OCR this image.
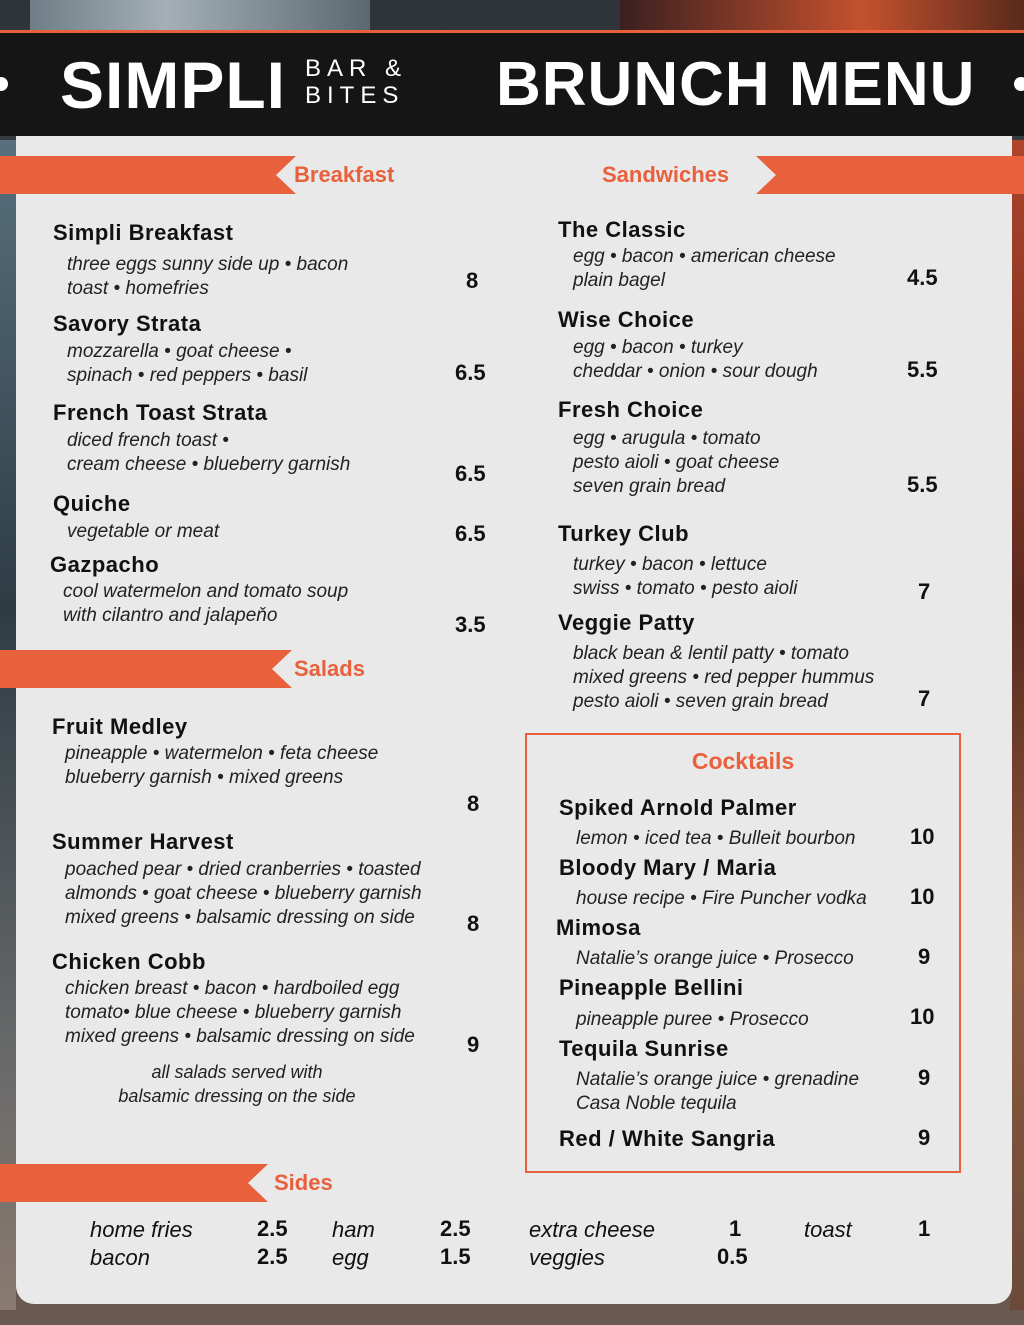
SIMPLI BAR &
BITES BRUNCH MENU
Breakfast	Sandwiches
Salads
Sides
Simpli Breakfast
three eggs sunny side up • bacon
toast • homefries	8
Savory Strata
mozzarella • goat cheese •
spinach • red peppers • basil	6.5
French Toast Strata
diced french toast •
cream cheese • blueberry garnish	6.5
Quiche
vegetable or meat	6.5
Gazpacho
cool watermelon and tomato soup
with cilantro and jalapeňo	3.5
Fruit Medley
pineapple • watermelon • feta cheese
blueberry garnish • mixed greens
8
Summer Harvest
poached pear • dried cranberries • toasted
almonds • goat cheese • blueberry garnish
mixed greens • balsamic dressing on side 8
Chicken Cobb
chicken breast • bacon • hardboiled egg
tomato• blue cheese • blueberry garnish
mixed greens • balsamic dressing on side 9
all salads served with
balsamic dressing on the side
The Classic
egg • bacon • american cheese
plain bagel	4.5
Wise Choice
egg • bacon • turkey
cheddar • onion • sour dough	5.5
Fresh Choice
egg • arugula • tomato
pesto aioli • goat cheese
seven grain bread	5.5
Turkey Club
turkey • bacon • lettuce
swiss • tomato • pesto aioli	7
Veggie Patty
black bean & lentil patty • tomato
mixed greens • red pepper hummus
pesto aioli • seven grain bread	7
Cocktails
Spiked Arnold Palmer
lemon • iced tea • Bulleit bourbon 10
Bloody Mary / Maria
house recipe • Fire Puncher vodka 10
Mimosa
Natalie’s orange juice • Prosecco	9
Pineapple Bellini
pineapple puree • Prosecco	10
Tequila Sunrise
Natalie’s orange juice • grenadine
Casa Noble tequila
9
Red / White Sangria	9
home fries	2.5
bacon	2.5
ham	2.5
egg	1.5
extra cheese	1
veggies	0.5
toast	1
